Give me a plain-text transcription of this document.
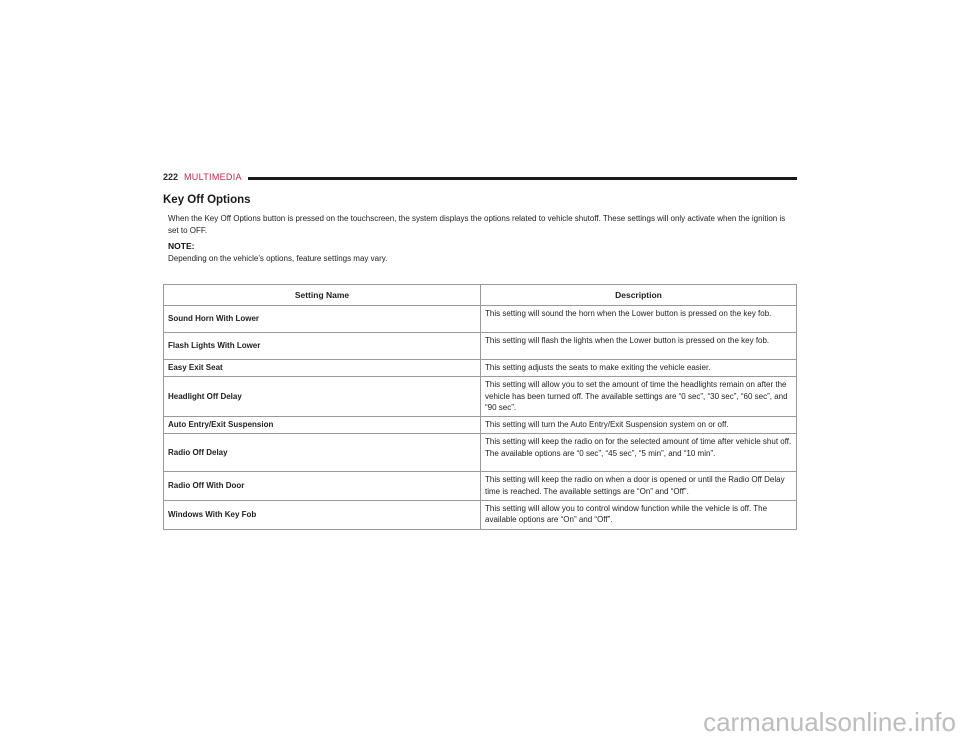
222 MULTIMEDIA
Key Off Options

When the Key Off Options button is pressed on the touchscreen, the system displays the options related to vehicle shutoff. These settings will only activate when the ignition is set to OFF.

NOTE:
Depending on the vehicle’s options, feature settings may vary.
Setting Name	Description
Sound Horn With Lower	This setting will sound the horn when the Lower button is pressed on the key fob.
Flash Lights With Lower	This setting will flash the lights when the Lower button is pressed on the key fob.
Easy Exit Seat	This setting adjusts the seats to make exiting the vehicle easier.
Headlight Off Delay	This setting will allow you to set the amount of time the headlights remain on after the vehicle has been turned off. The available settings are “0 sec”, “30 sec”, “60 sec”, and “90 sec”.
Auto Entry/Exit Suspension	This setting will turn the Auto Entry/Exit Suspension system on or off.
Radio Off Delay	This setting will keep the radio on for the selected amount of time after vehicle shut off. The available options are “0 sec”, “45 sec”, “5 min”, and “10 min”.
Radio Off With Door	This setting will keep the radio on when a door is opened or until the Radio Off Delay time is reached. The available settings are “On” and “Off”.
Windows With Key Fob	This setting will allow you to control window function while the vehicle is off. The available options are “On” and “Off”.
carmanualsonline.info
